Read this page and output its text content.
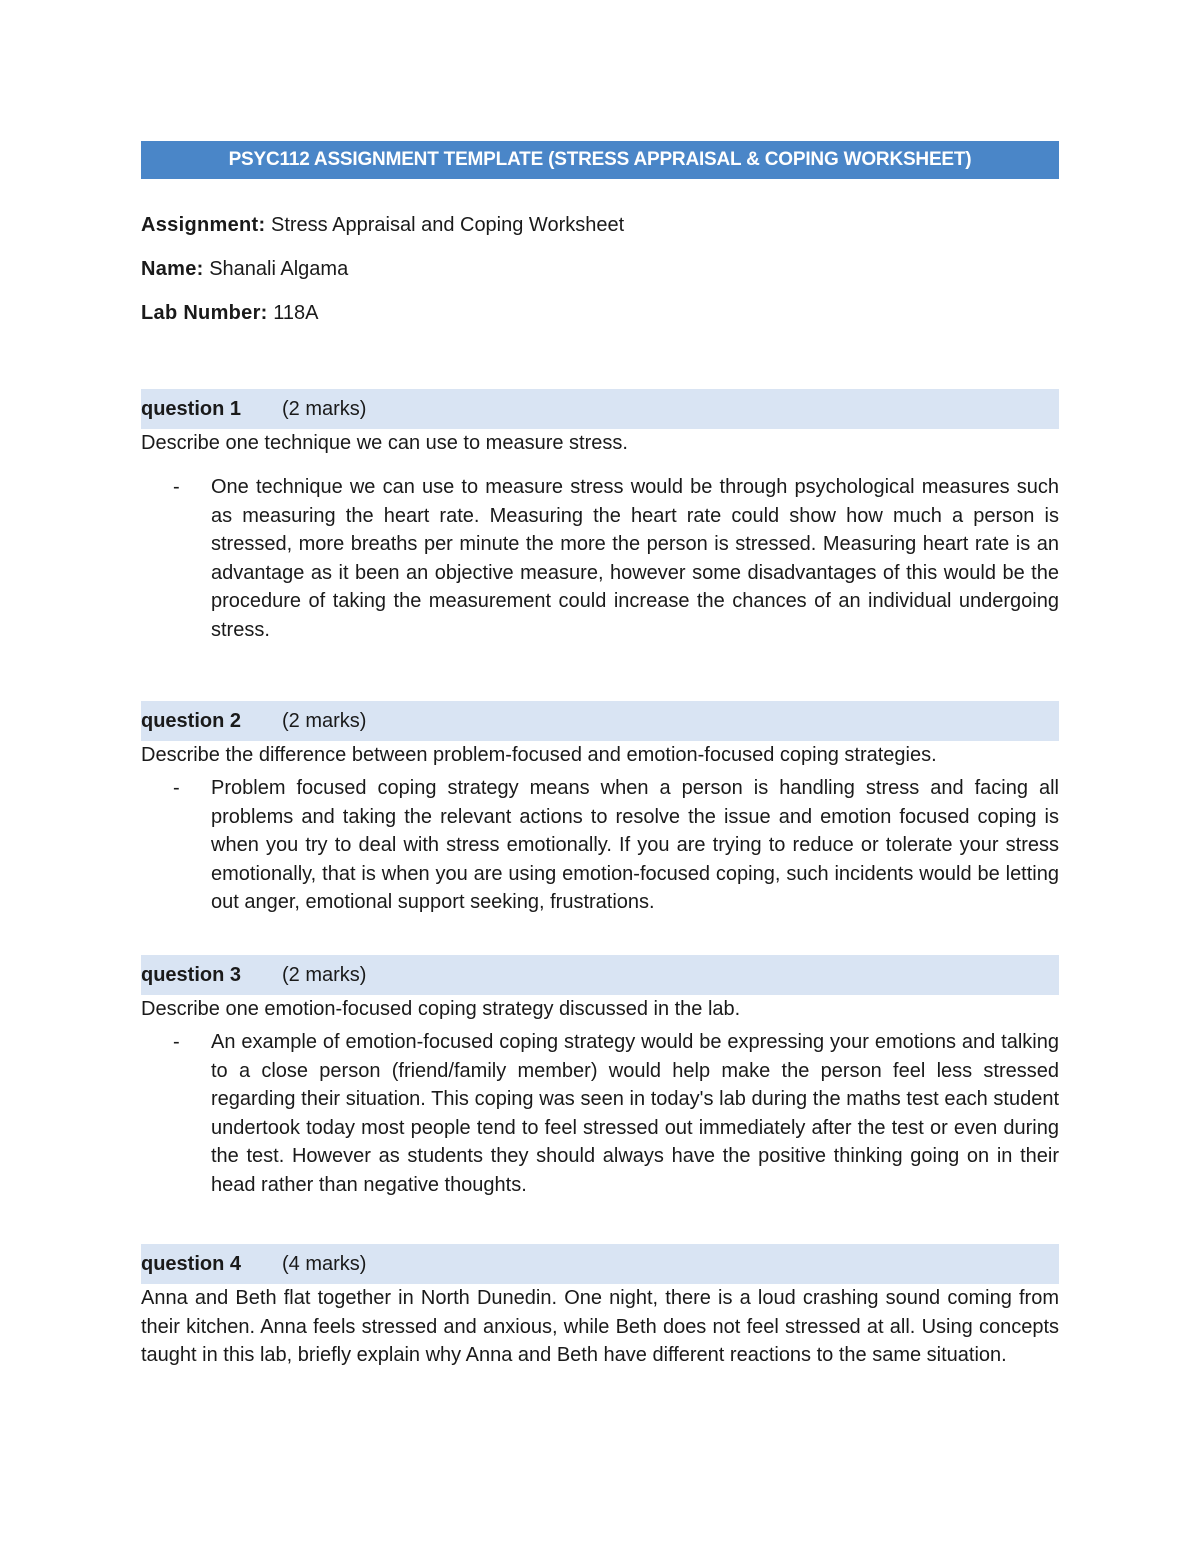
PSYC112 ASSIGNMENT TEMPLATE (STRESS APPRAISAL & COPING WORKSHEET)
Assignment: Stress Appraisal and Coping Worksheet
Name: Shanali Algama
Lab Number: 118A
question 1	(2 marks)
Describe one technique we can use to measure stress.
-	One technique we can use to measure stress would be through psychological measures such as measuring the heart rate. Measuring the heart rate could show how much a person is stressed, more breaths per minute the more the person is stressed. Measuring heart rate is an advantage as it been an objective measure, however some disadvantages of this would be the procedure of taking the measurement could increase the chances of an individual undergoing stress.
question 2	(2 marks)
Describe the difference between problem-focused and emotion-focused coping strategies.
-	Problem focused coping strategy means when a person is handling stress and facing all problems and taking the relevant actions to resolve the issue and emotion focused coping is when you try to deal with stress emotionally. If you are trying to reduce or tolerate your stress emotionally, that is when you are using emotion-focused coping, such incidents would be letting out anger, emotional support seeking, frustrations.
question 3	(2 marks)
Describe one emotion-focused coping strategy discussed in the lab.
-	An example of emotion-focused coping strategy would be expressing your emotions and talking to a close person (friend/family member) would help make the person feel less stressed regarding their situation. This coping was seen in today's lab during the maths test each student undertook today most people tend to feel stressed out immediately after the test or even during the test. However as students they should always have the positive thinking going on in their head rather than negative thoughts.
question 4	(4 marks)
Anna and Beth flat together in North Dunedin. One night, there is a loud crashing sound coming from their kitchen. Anna feels stressed and anxious, while Beth does not feel stressed at all. Using concepts taught in this lab, briefly explain why Anna and Beth have different reactions to the same situation.
